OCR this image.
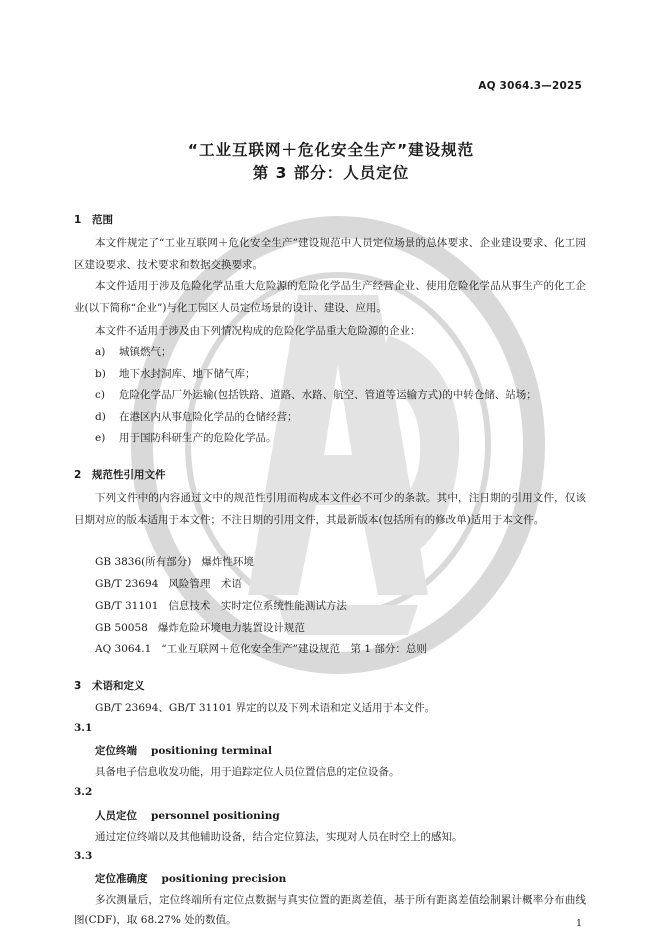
AQ 3064.3—2025
“工业互联网＋危化安全生产”建设规范
第 3 部分：人员定位
1 范围
本文件规定了“工业互联网＋危化安全生产”建设规范中人员定位场景的总体要求、企业建设要求、化工园区建设要求、技术要求和数据交换要求。
本文件适用于涉及危险化学品重大危险源的危险化学品生产经营企业、使用危险化学品从事生产的化工企业(以下简称“企业”)与化工园区人员定位场景的设计、建设、应用。
本文件不适用于涉及由下列情况构成的危险化学品重大危险源的企业：
a) 城镇燃气；
b) 地下水封洞库、地下储气库；
c) 危险化学品厂外运输(包括铁路、道路、水路、航空、管道等运输方式)的中转仓储、站场；
d) 在港区内从事危险化学品的仓储经营；
e) 用于国防科研生产的危险化学品。
2 规范性引用文件
下列文件中的内容通过文中的规范性引用而构成本文件必不可少的条款。其中，注日期的引用文件，仅该日期对应的版本适用于本文件；不注日期的引用文件，其最新版本(包括所有的修改单)适用于本文件。
GB 3836(所有部分) 爆炸性环境
GB/T 23694 风险管理　术语
GB/T 31101 信息技术　实时定位系统性能测试方法
GB 50058 爆炸危险环境电力装置设计规范
AQ 3064.1 “工业互联网＋危化安全生产”建设规范　第 1 部分：总则
3 术语和定义
GB/T 23694、GB/T 31101 界定的以及下列术语和定义适用于本文件。
3.1
定位终端 positioning terminal
具备电子信息收发功能，用于追踪定位人员位置信息的定位设备。
3.2
人员定位 personnel positioning
通过定位终端以及其他辅助设备，结合定位算法，实现对人员在时空上的感知。
3.3
定位准确度 positioning precision
多次测量后，定位终端所有定位点数据与真实位置的距离差值，基于所有距离差值绘制累计概率分布曲线图(CDF)，取 68.27% 处的数值。	1
